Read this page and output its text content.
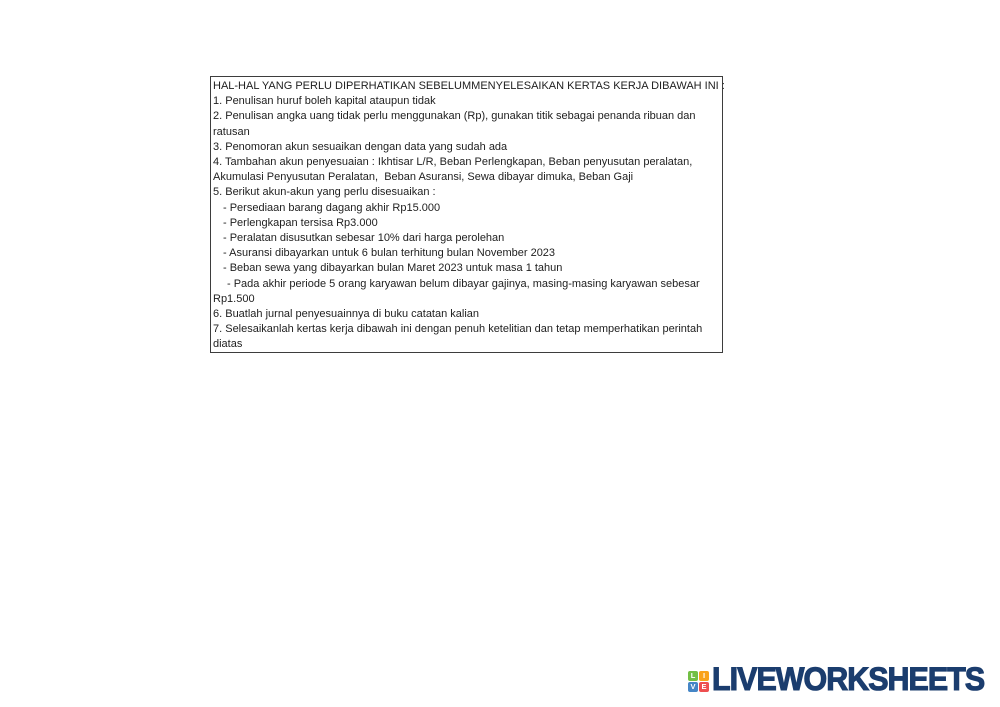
HAL-HAL YANG PERLU DIPERHATIKAN SEBELUMMENYELESAIKAN KERTAS KERJA DIBAWAH INI :
1. Penulisan huruf boleh kapital ataupun tidak
2. Penulisan angka uang tidak perlu menggunakan (Rp), gunakan titik sebagai penanda ribuan dan
ratusan
3. Penomoran akun sesuaikan dengan data yang sudah ada
4. Tambahan akun penyesuaian : Ikhtisar L/R, Beban Perlengkapan, Beban penyusutan peralatan,
Akumulasi Penyusutan Peralatan,  Beban Asuransi, Sewa dibayar dimuka, Beban Gaji
5. Berikut akun-akun yang perlu disesuaikan :
- Persediaan barang dagang akhir Rp15.000
- Perlengkapan tersisa Rp3.000
- Peralatan disusutkan sebesar 10% dari harga perolehan
- Asuransi dibayarkan untuk 6 bulan terhitung bulan November 2023
- Beban sewa yang dibayarkan bulan Maret 2023 untuk masa 1 tahun
- Pada akhir periode 5 orang karyawan belum dibayar gajinya, masing-masing karyawan sebesar
Rp1.500
6. Buatlah jurnal penyesuainnya di buku catatan kalian
7. Selesaikanlah kertas kerja dibawah ini dengan penuh ketelitian dan tetap memperhatikan perintah
diatas
L	I
V E LIVEWORKSHEETS
